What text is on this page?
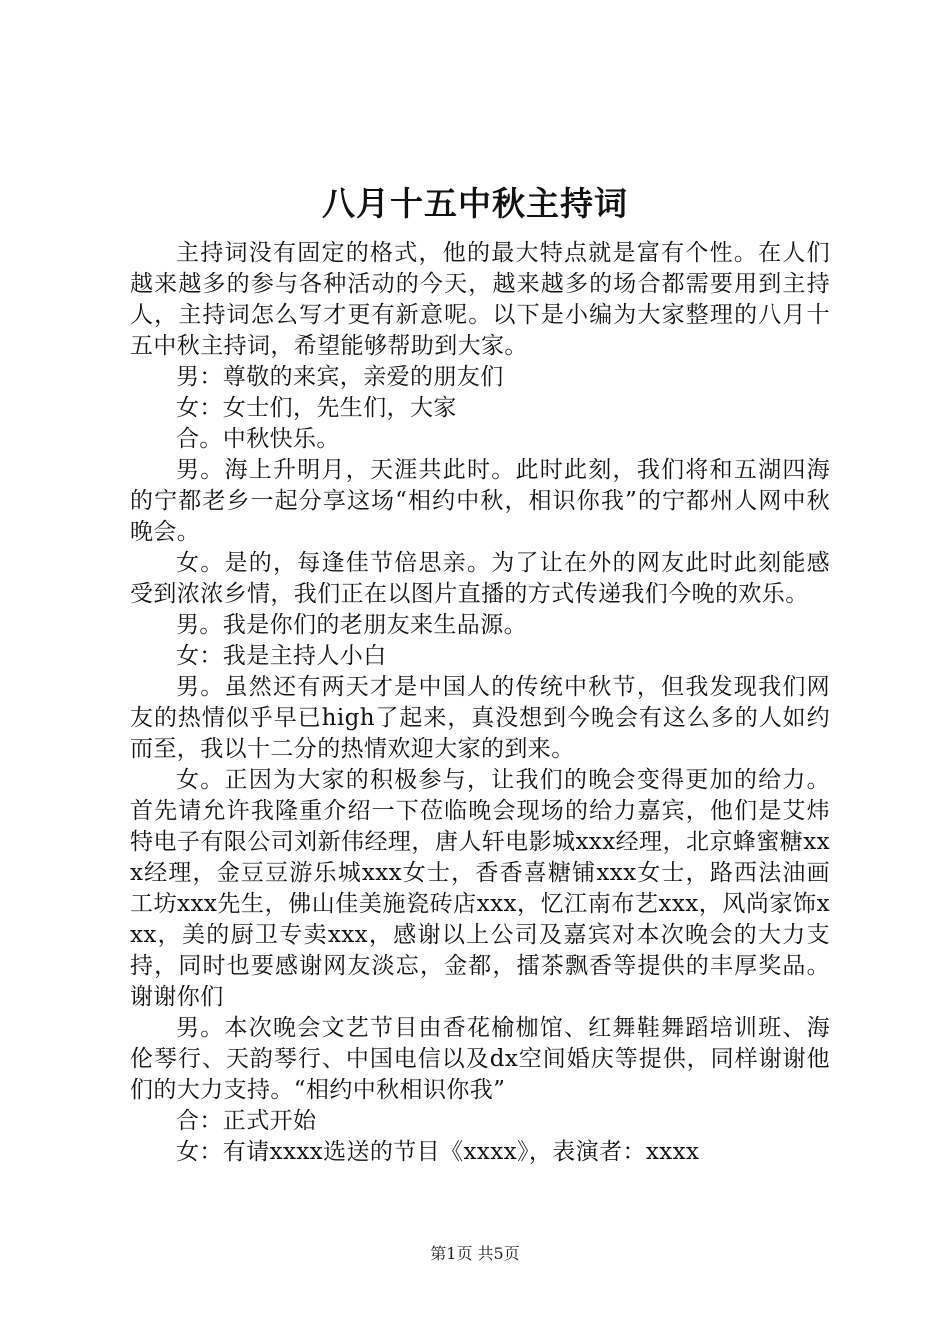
八月十五中秋主持词

主持词没有固定的格式，他的最大特点就是富有个性。在人们越来越多的参与各种活动的今天，越来越多的场合都需要用到主持人，主持词怎么写才更有新意呢。以下是小编为大家整理的八月十五中秋主持词，希望能够帮助到大家。

男：尊敬的来宾，亲爱的朋友们

女：女士们，先生们，大家

合。中秋快乐。

男。海上升明月，天涯共此时。此时此刻，我们将和五湖四海的宁都老乡一起分享这场“相约中秋，相识你我”的宁都州人网中秋晚会。

女。是的，每逢佳节倍思亲。为了让在外的网友此时此刻能感受到浓浓乡情，我们正在以图片直播的方式传递我们今晚的欢乐。

男。我是你们的老朋友来生品源。

女：我是主持人小白

男。虽然还有两天才是中国人的传统中秋节，但我发现我们网友的热情似乎早已high了起来，真没想到今晚会有这么多的人如约而至，我以十二分的热情欢迎大家的到来。

女。正因为大家的积极参与，让我们的晚会变得更加的给力。首先请允许我隆重介绍一下莅临晚会现场的给力嘉宾，他们是艾炜特电子有限公司刘新伟经理，唐人轩电影城xxx经理，北京蜂蜜糖xxx经理，金豆豆游乐城xxx女士，香香喜糖铺xxx女士，路西法油画工坊xxx先生，佛山佳美施瓷砖店xxx，忆江南布艺xxx，风尚家饰xxx，美的厨卫专卖xxx，感谢以上公司及嘉宾对本次晚会的大力支持，同时也要感谢网友淡忘，金都，擂茶飘香等提供的丰厚奖品。谢谢你们

男。本次晚会文艺节目由香花榆枷馆、红舞鞋舞蹈培训班、海伦琴行、天韵琴行、中国电信以及dx空间婚庆等提供，同样谢谢他们的大力支持。“相约中秋相识你我”

合：正式开始

女：有请xxxx选送的节目《xxxx》，表演者：xxxx

第1页 共5页
